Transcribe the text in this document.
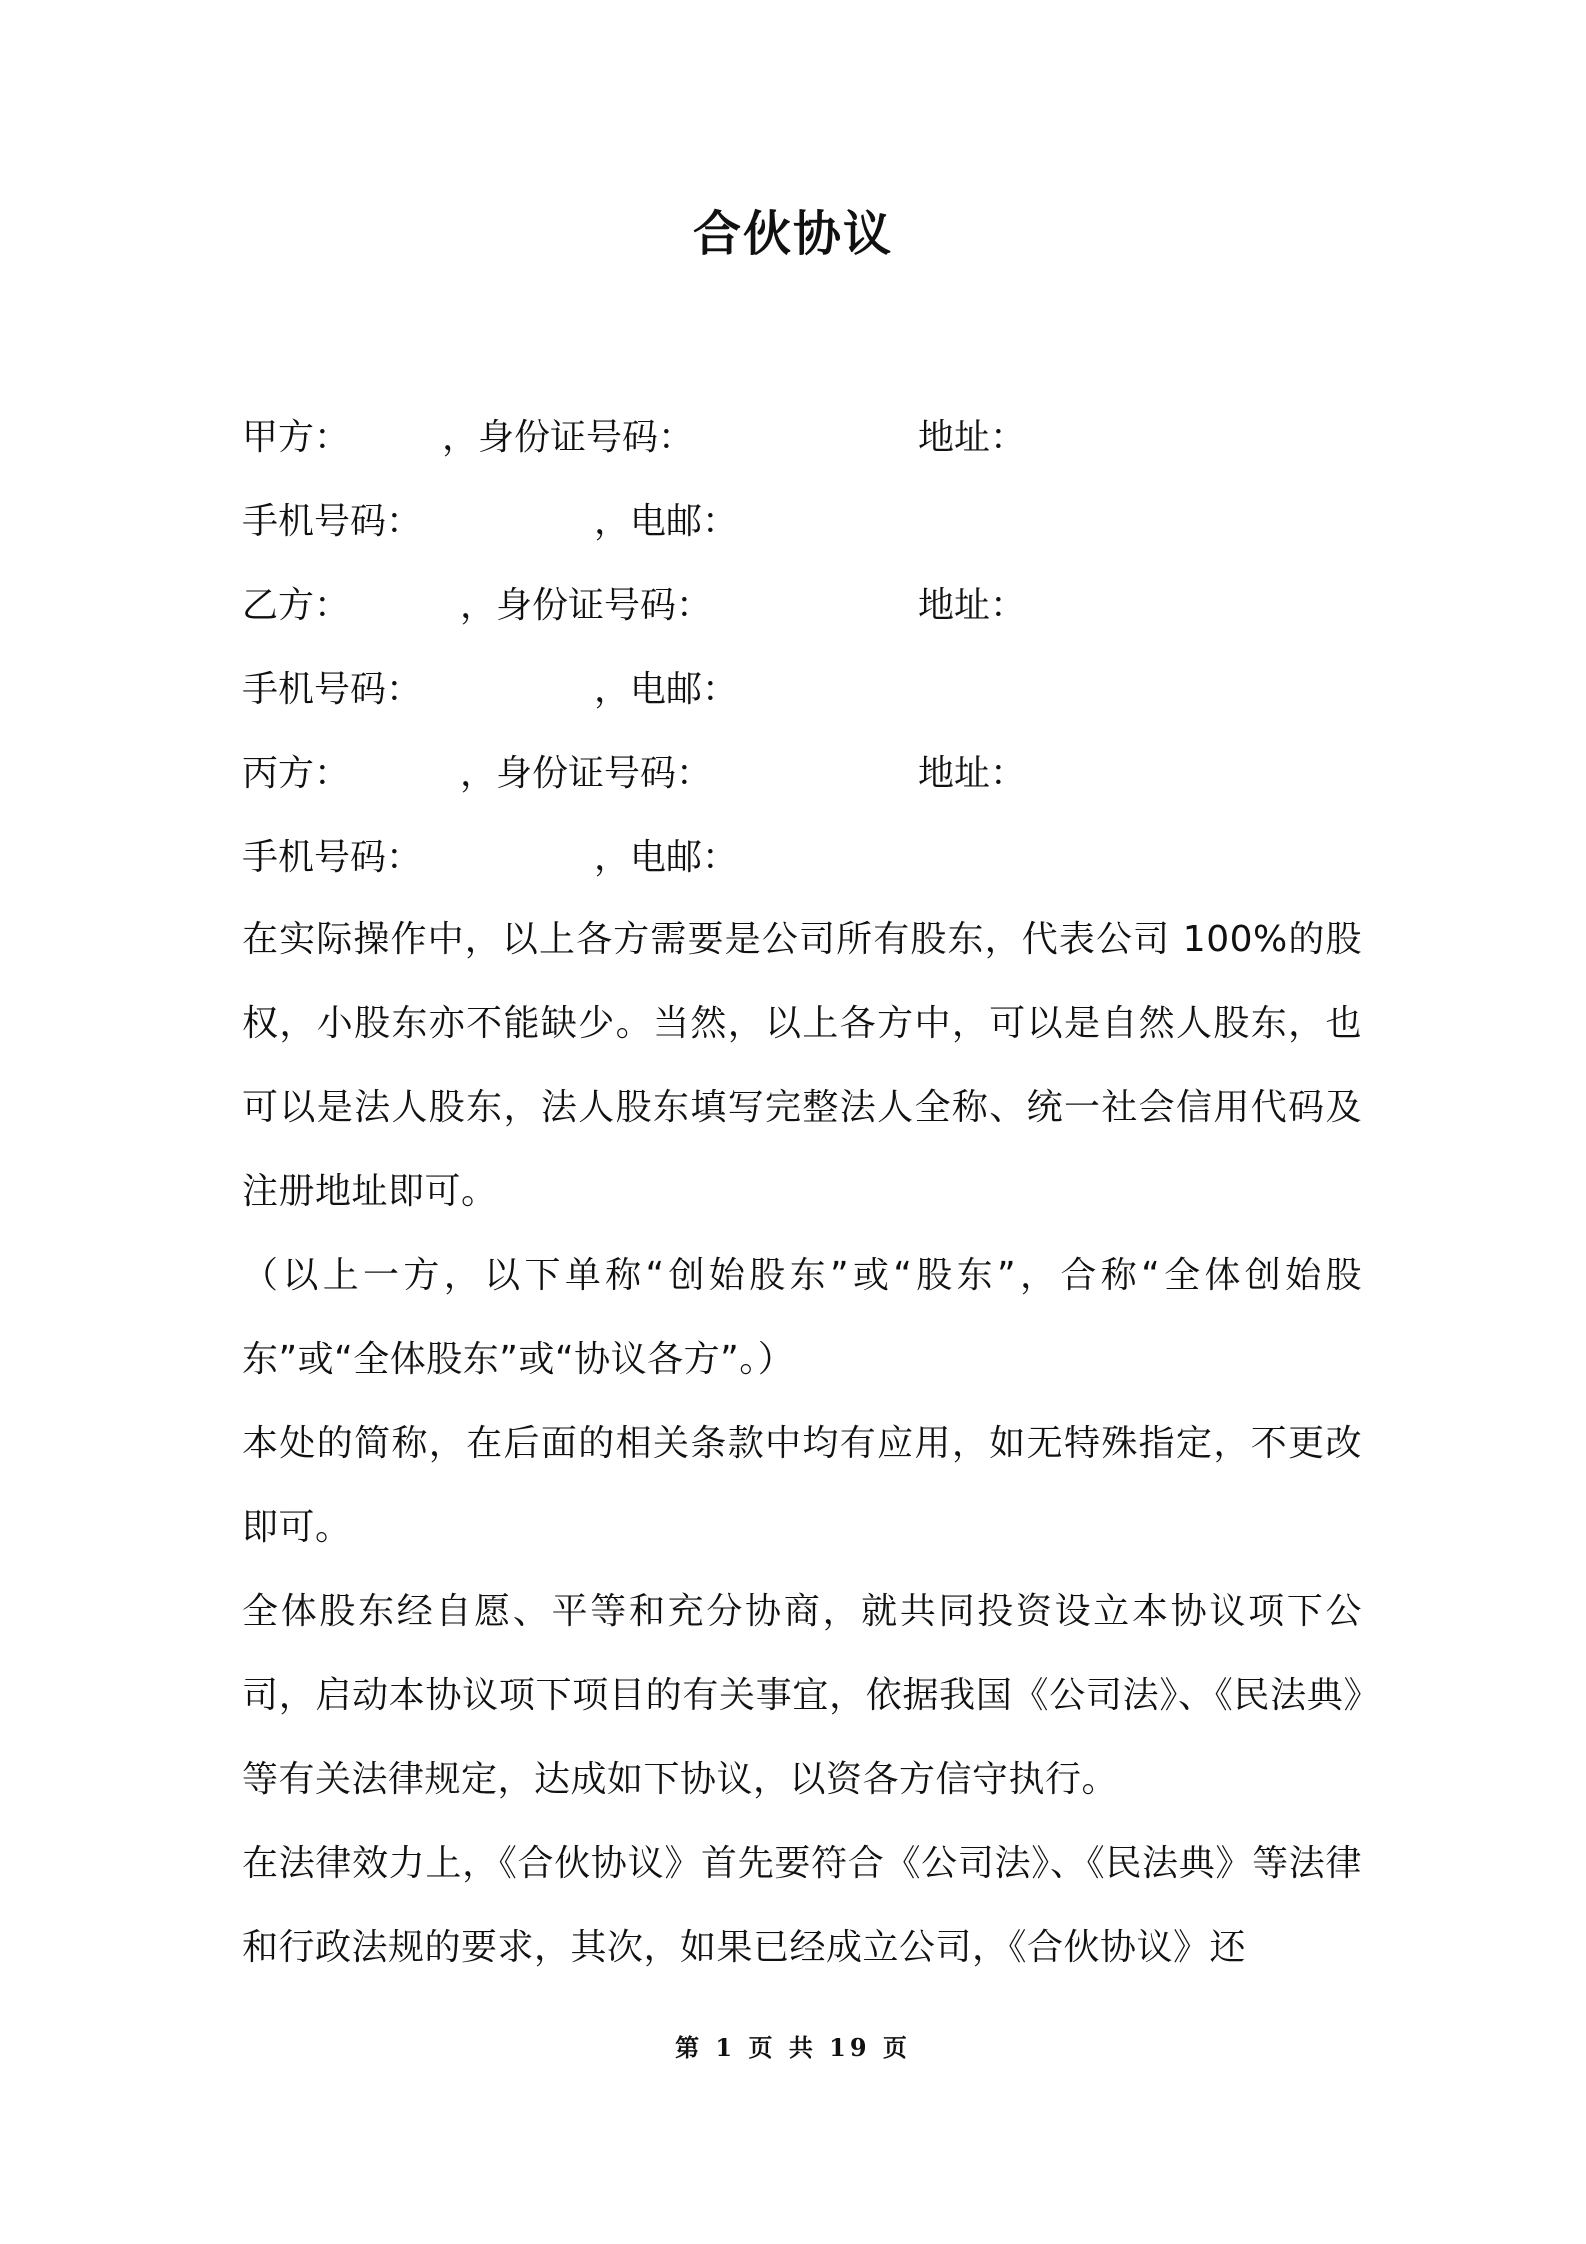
合伙协议
甲方：	，身份证号码：	地址：
手机号码：	，电邮：
乙方：	，身份证号码：	地址：
手机号码：	，电邮：
丙方：	，身份证号码：	地址：
手机号码：	，电邮：
在实际操作中，以上各方需要是公司所有股东，代表公司 100%的股权，小股东亦不能缺少。当然，以上各方中，可以是自然人股东，也可以是法人股东，法人股东填写完整法人全称、统一社会信用代码及注册地址即可。
（以上一方，以下单称“创始股东”或“股东”，合称“全体创始股东”或“全体股东”或“协议各方”。）
本处的简称，在后面的相关条款中均有应用，如无特殊指定，不更改即可。
全体股东经自愿、平等和充分协商，就共同投资设立本协议项下公司，启动本协议项下项目的有关事宜，依据我国《公司法》、《民法典》等有关法律规定，达成如下协议，以资各方信守执行。
在法律效力上，《合伙协议》首先要符合《公司法》、《民法典》等法律和行政法规的要求，其次，如果已经成立公司，《合伙协议》还
第 1 页 共 19 页
